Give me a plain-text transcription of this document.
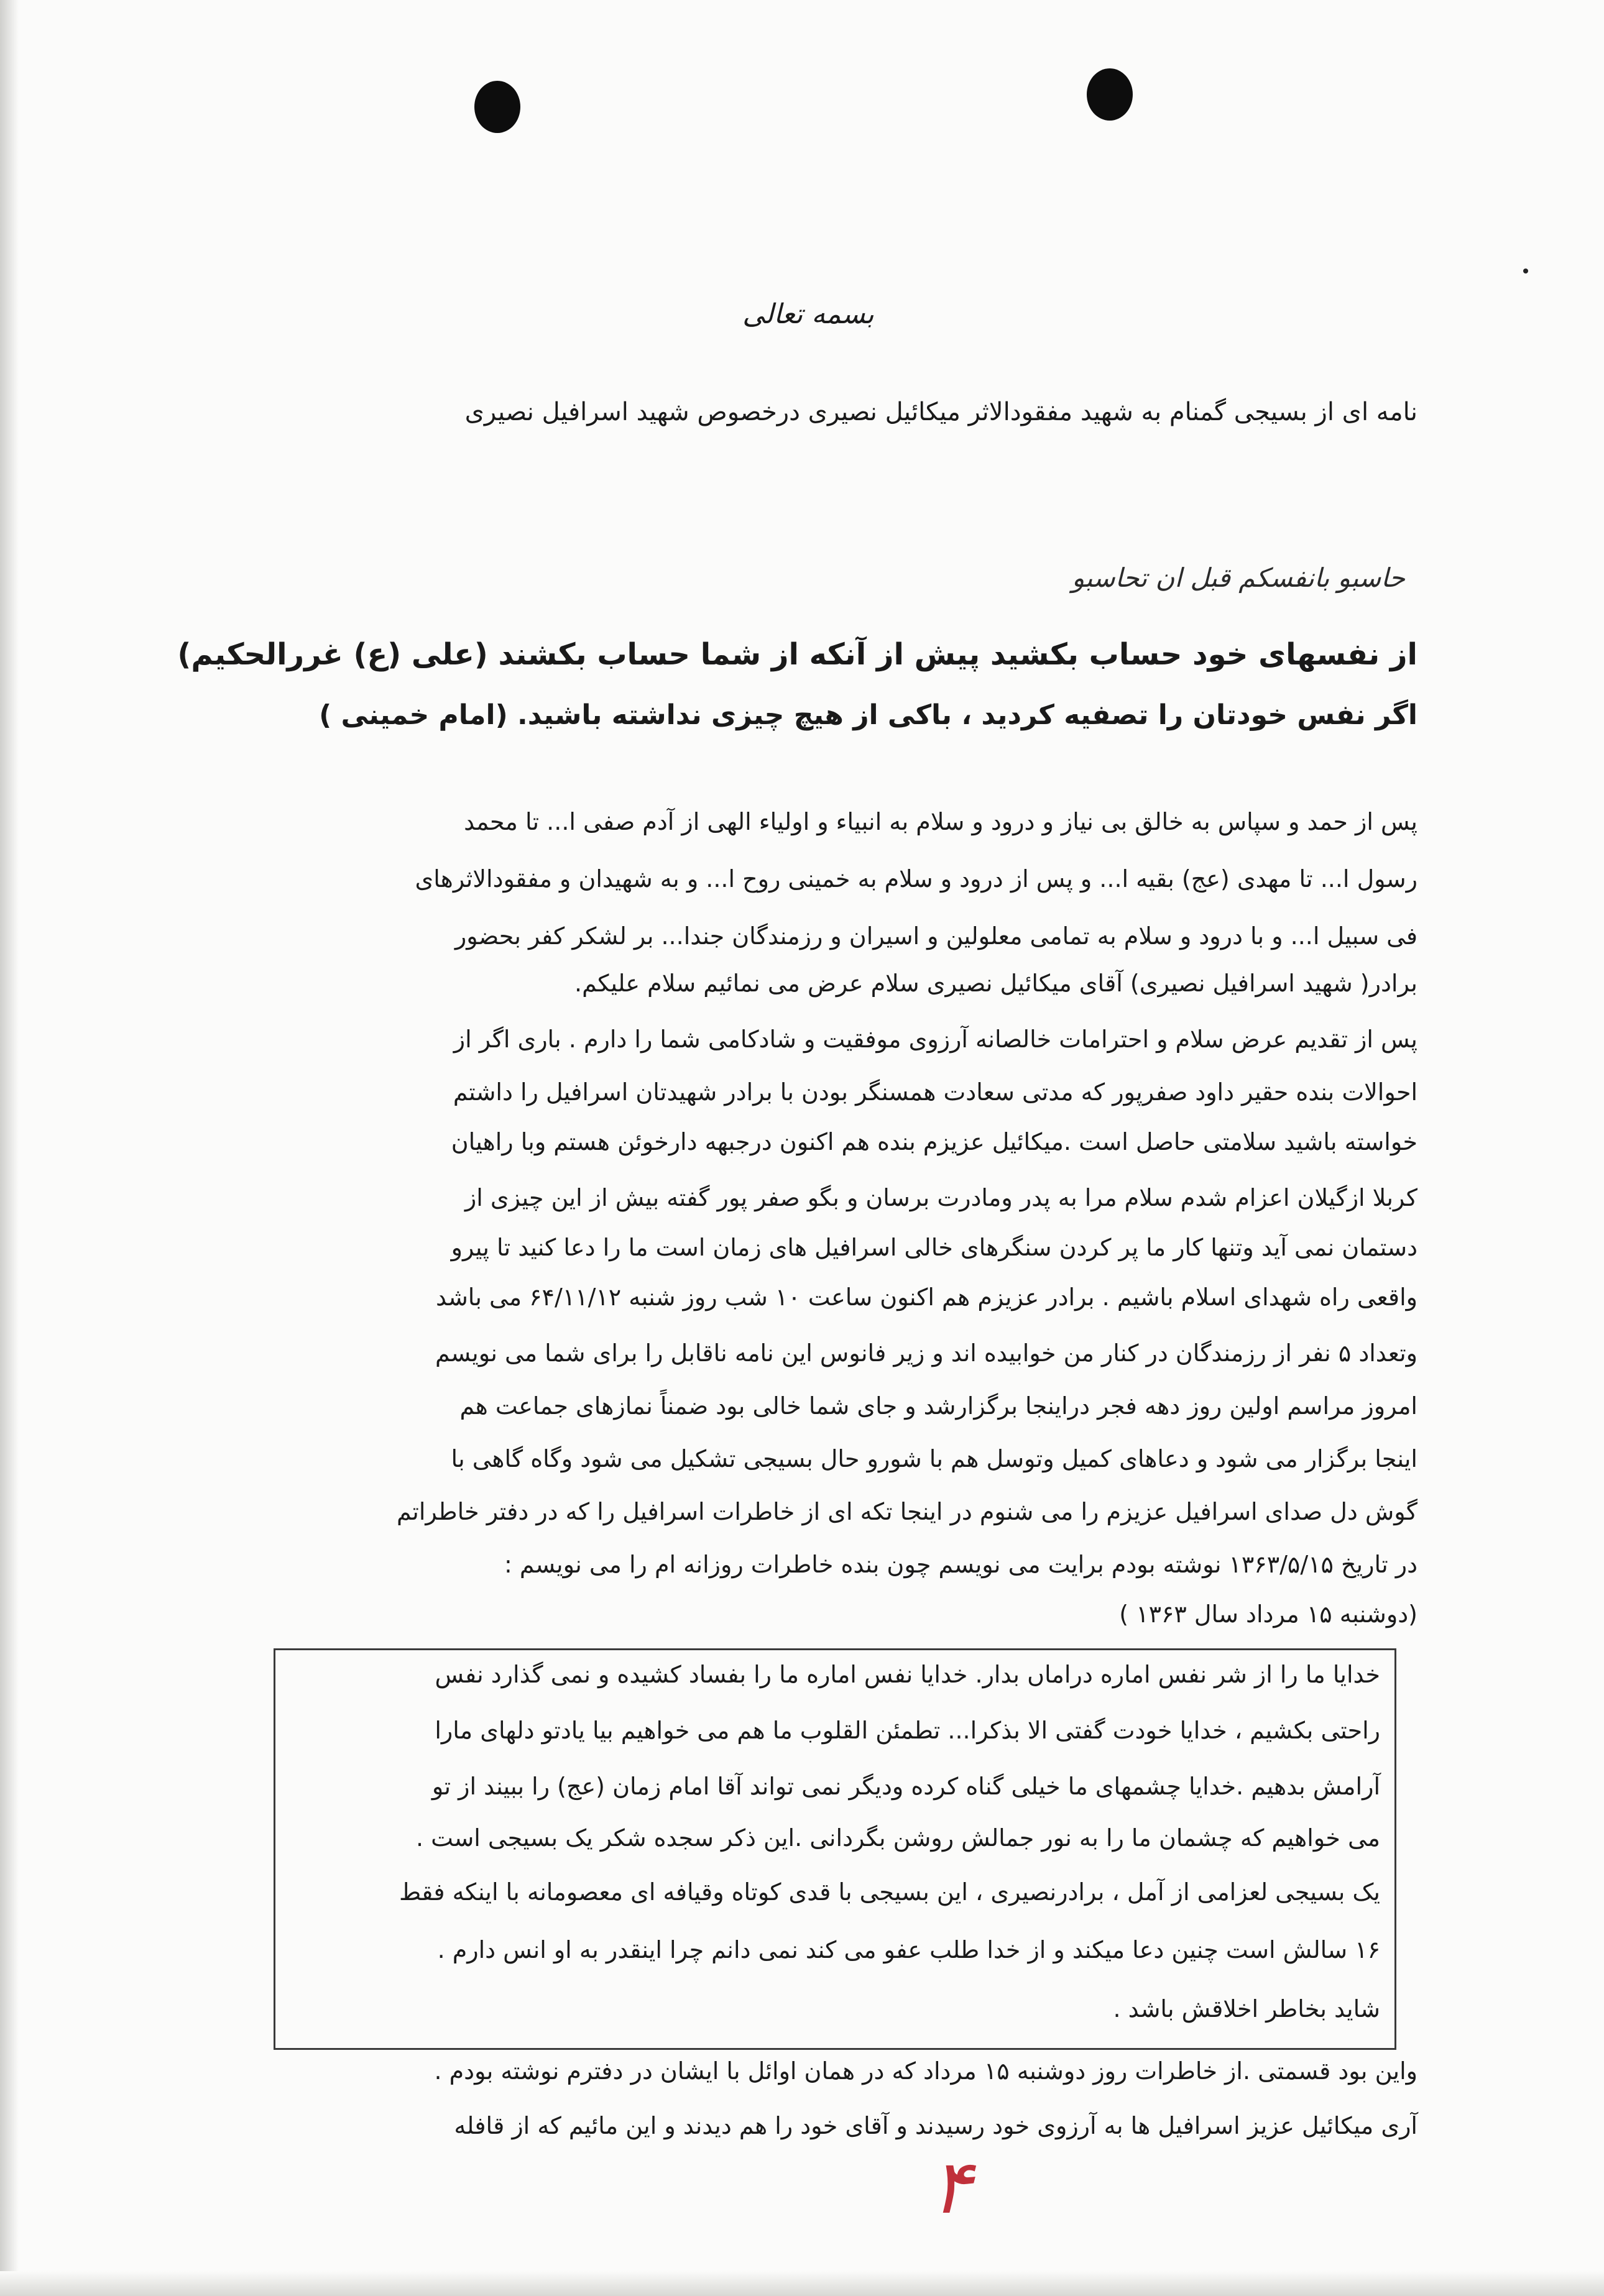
بسمه تعالی
نامه ای از بسیجی گمنام به شهید مفقودالاثر میکائیل نصیری درخصوص شهید اسرافیل نصیری
حاسبو بانفسکم قبل ان تحاسبو
از نفسهای خود حساب بکشید پیش از آنکه از شما حساب بکشند (علی (ع) غررالحکیم)
اگر نفس خودتان را تصفیه کردید ، باکی از هیچ چیزی نداشته باشید. (امام خمینی )
پس از حمد و سپاس به خالق بی نیاز و درود و سلام به انبیاء و اولیاء الهی از آدم صفی ا... تا محمد
رسول ا... تا مهدی (عج) بقیه ا... و پس از درود و سلام به خمینی روح ا... و به شهیدان و مفقودالاثرهای
فی سبیل ا... و با درود و سلام به تمامی معلولین و اسیران و رزمندگان جندا... بر لشکر کفر بحضور
برادر( شهید اسرافیل نصیری) آقای میکائیل نصیری سلام عرض می نمائیم سلام علیکم.
پس از تقدیم عرض سلام و احترامات خالصانه آرزوی موفقیت و شادکامی شما را دارم . باری اگر از
احوالات بنده حقیر داود صفرپور که مدتی سعادت همسنگر بودن با برادر شهیدتان اسرافیل را داشتم
خواسته باشید سلامتی حاصل است .میکائیل عزیزم بنده هم اکنون درجبهه دارخوئن هستم وبا راهیان
کربلا ازگیلان اعزام شدم سلام مرا به پدر ومادرت برسان و بگو صفر پور گفته بیش از این چیزی از
دستمان نمی آید وتنها کار ما پر کردن سنگرهای خالی اسرافیل های زمان است ما را دعا کنید تا پیرو
واقعی راه شهدای اسلام باشیم . برادر عزیزم هم اکنون ساعت ۱۰ شب روز شنبه ۶۴/۱۱/۱۲ می باشد
وتعداد ۵ نفر از رزمندگان در کنار من خوابیده اند و زیر فانوس این نامه ناقابل را برای شما می نویسم
امروز مراسم اولین روز دهه فجر دراینجا برگزارشد و جای شما خالی بود ضمناً نمازهای جماعت هم
اینجا برگزار می شود و دعاهای کمیل وتوسل هم با شورو حال بسیجی تشکیل می شود وگاه گاهی با
گوش دل صدای اسرافیل عزیزم را می شنوم در اینجا تکه ای از خاطرات اسرافیل را که در دفتر خاطراتم
در تاریخ ۱۳۶۳/۵/۱۵ نوشته بودم برایت می نویسم چون بنده خاطرات روزانه ام را می نویسم :
(دوشنبه ۱۵ مرداد سال ۱۳۶۳ )
خدایا ما را از شر نفس اماره دراماں بدار. خدایا نفس اماره ما را بفساد کشیده و نمی گذارد نفس
راحتی بکشیم ، خدایا خودت گفتی الا بذکرا... تطمئن القلوب ما هم می خواهیم بیا یادتو دلهای مارا
آرامش بدهیم .خدایا چشمهای ما خیلی گناه کرده ودیگر نمی تواند آقا امام زمان (عج) را ببیند از تو
می خواهیم که چشمان ما را به نور جمالش روشن بگردانی .این ذکر سجده شکر یک بسیجی است .
یک بسیجی لعزامی از آمل ، برادرنصیری ، این بسیجی با قدی کوتاه وقیافه ای معصومانه با اینکه فقط
۱۶ سالش است چنین دعا میکند و از خدا طلب عفو می کند نمی دانم چرا اینقدر به او انس دارم .
شاید بخاطر اخلاقش باشد .
واین بود قسمتی .از خاطرات روز دوشنبه ۱۵ مرداد که در همان اوائل با ایشان در دفترم نوشته بودم .
آری میکائیل عزیز اسرافیل ها به آرزوی خود رسیدند و آقای خود را هم دیدند و این مائیم که از قافله
۴
